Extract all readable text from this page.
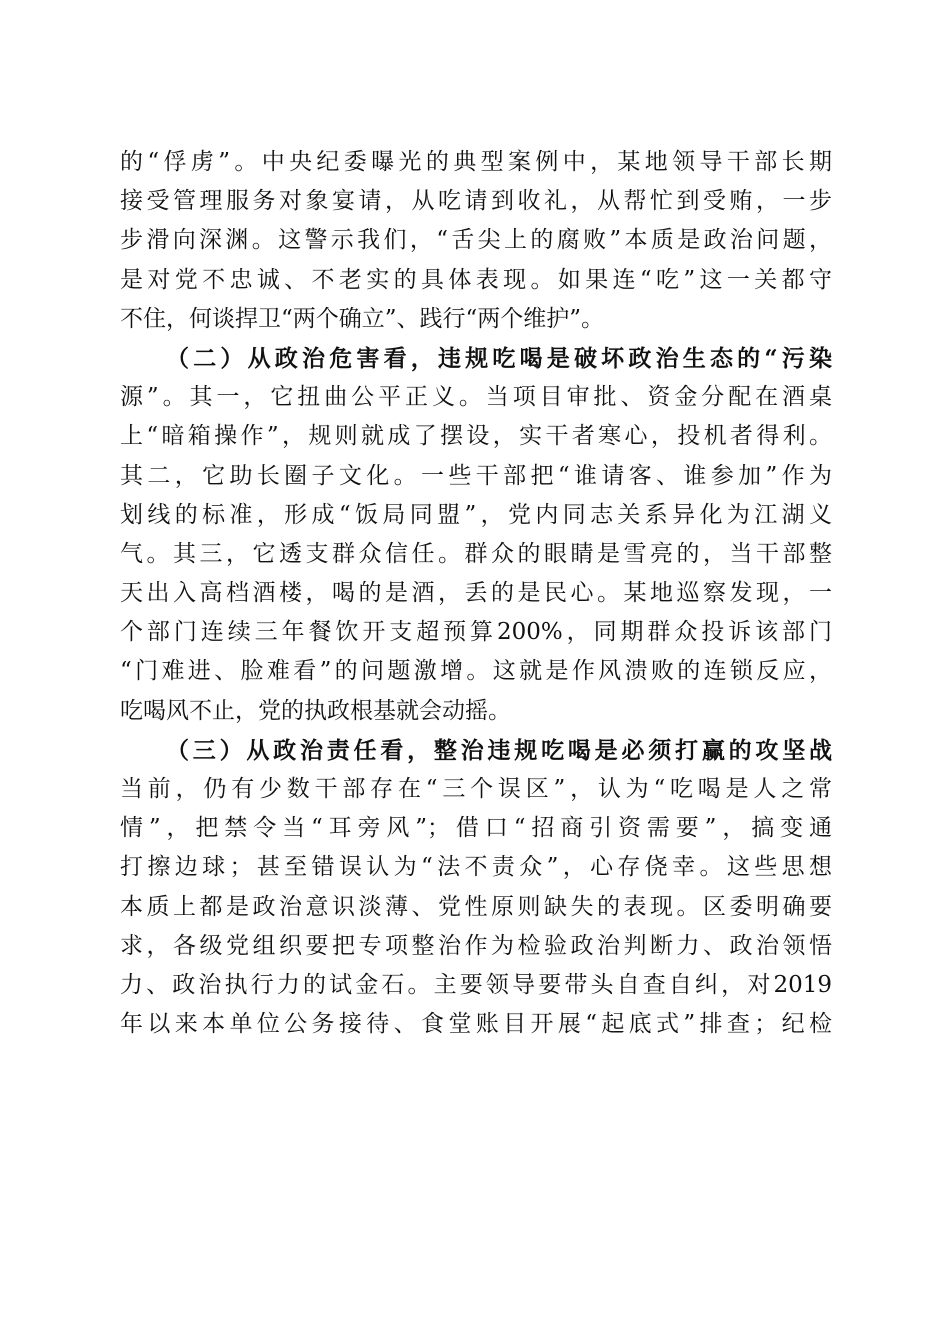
的“俘虏”。中央纪委曝光的典型案例中，某地领导干部长期
接受管理服务对象宴请，从吃请到收礼，从帮忙到受贿，一步
步滑向深渊。这警示我们，“舌尖上的腐败”本质是政治问题，
是对党不忠诚、不老实的具体表现。如果连“吃”这一关都守
不住，何谈捍卫“两个确立”、践行“两个维护”。
（二）从政治危害看，违规吃喝是破坏政治生态的“污染
源”。其一，它扭曲公平正义。当项目审批、资金分配在酒桌
上“暗箱操作”，规则就成了摆设，实干者寒心，投机者得利。
其二，它助长圈子文化。一些干部把“谁请客、谁参加”作为
划线的标准，形成“饭局同盟”，党内同志关系异化为江湖义
气。其三，它透支群众信任。群众的眼睛是雪亮的，当干部整
天出入高档酒楼，喝的是酒，丢的是民心。某地巡察发现，一
个部门连续三年餐饮开支超预算200%，同期群众投诉该部门
“门难进、脸难看”的问题激增。这就是作风溃败的连锁反应，
吃喝风不止，党的执政根基就会动摇。
（三）从政治责任看，整治违规吃喝是必须打赢的攻坚战
当前，仍有少数干部存在“三个误区”，认为“吃喝是人之常
情”，把禁令当“耳旁风”；借口“招商引资需要”，搞变通
打擦边球；甚至错误认为“法不责众”，心存侥幸。这些思想
本质上都是政治意识淡薄、党性原则缺失的表现。区委明确要
求，各级党组织要把专项整治作为检验政治判断力、政治领悟
力、政治执行力的试金石。主要领导要带头自查自纠，对2019
年以来本单位公务接待、食堂账目开展“起底式”排查；纪检
